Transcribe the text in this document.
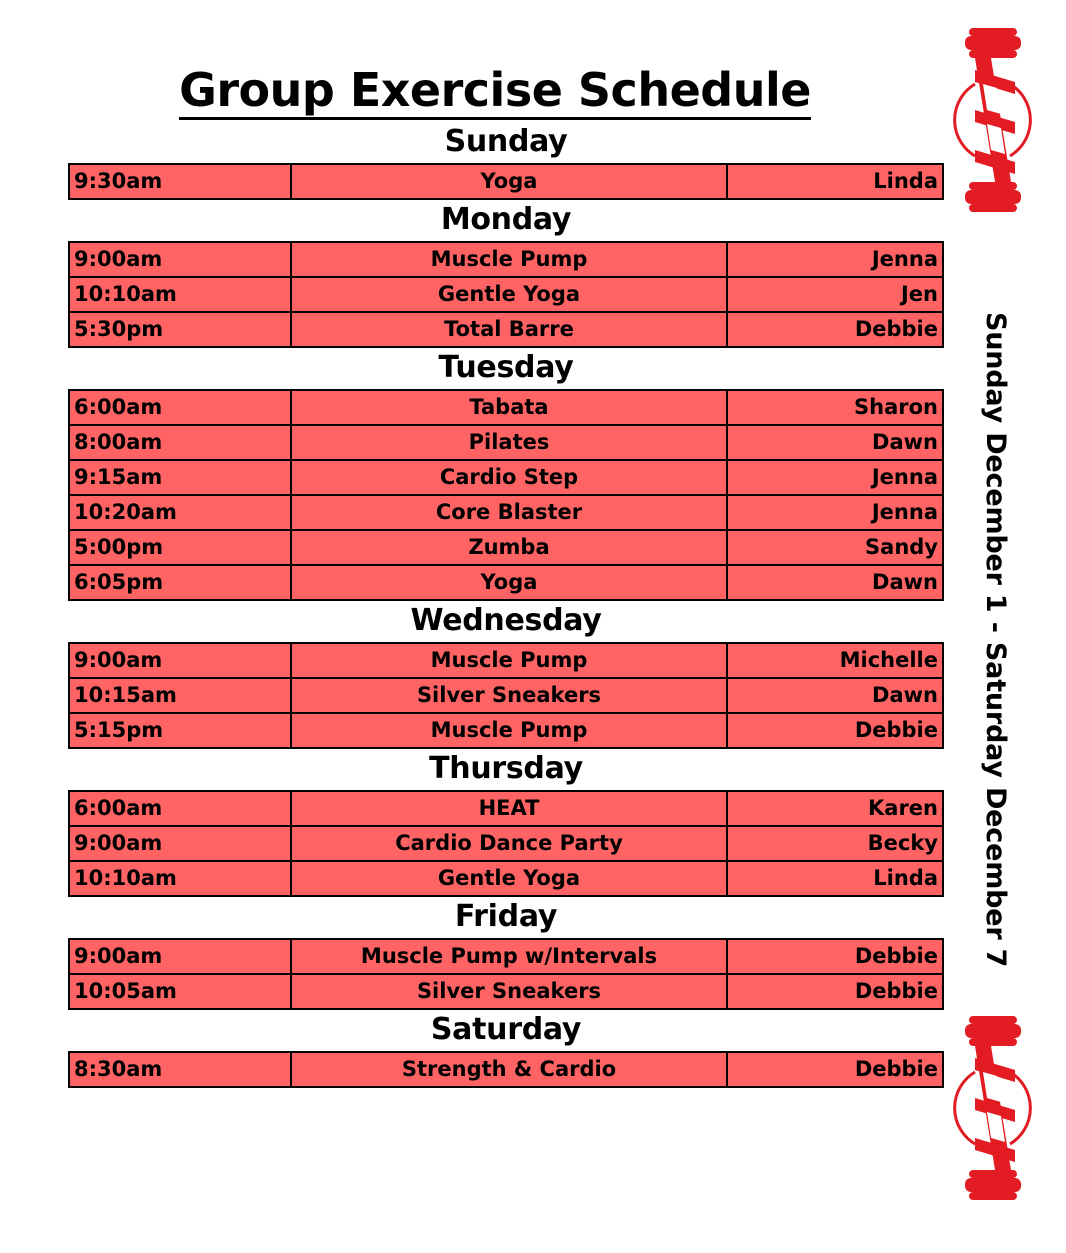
Group Exercise Schedule
Sunday
9:30am	Yoga	Linda
Monday
9:00am	Muscle Pump	Jenna
10:10am	Gentle Yoga	Jen
5:30pm	Total Barre	Debbie
Tuesday
6:00am	Tabata	Sharon
8:00am	Pilates	Dawn
9:15am	Cardio Step	Jenna
10:20am	Core Blaster	Jenna
5:00pm	Zumba	Sandy
6:05pm	Yoga	Dawn
Wednesday
9:00am	Muscle Pump	Michelle
10:15am	Silver Sneakers	Dawn
5:15pm	Muscle Pump	Debbie
Thursday
6:00am	HEAT	Karen
9:00am	Cardio Dance Party	Becky
10:10am	Gentle Yoga	Linda
Friday
9:00am	Muscle Pump w/Intervals	Debbie
10:05am	Silver Sneakers	Debbie
Saturday
8:30am	Strength & Cardio	Debbie
Sunday December 1 - Saturday December 7
